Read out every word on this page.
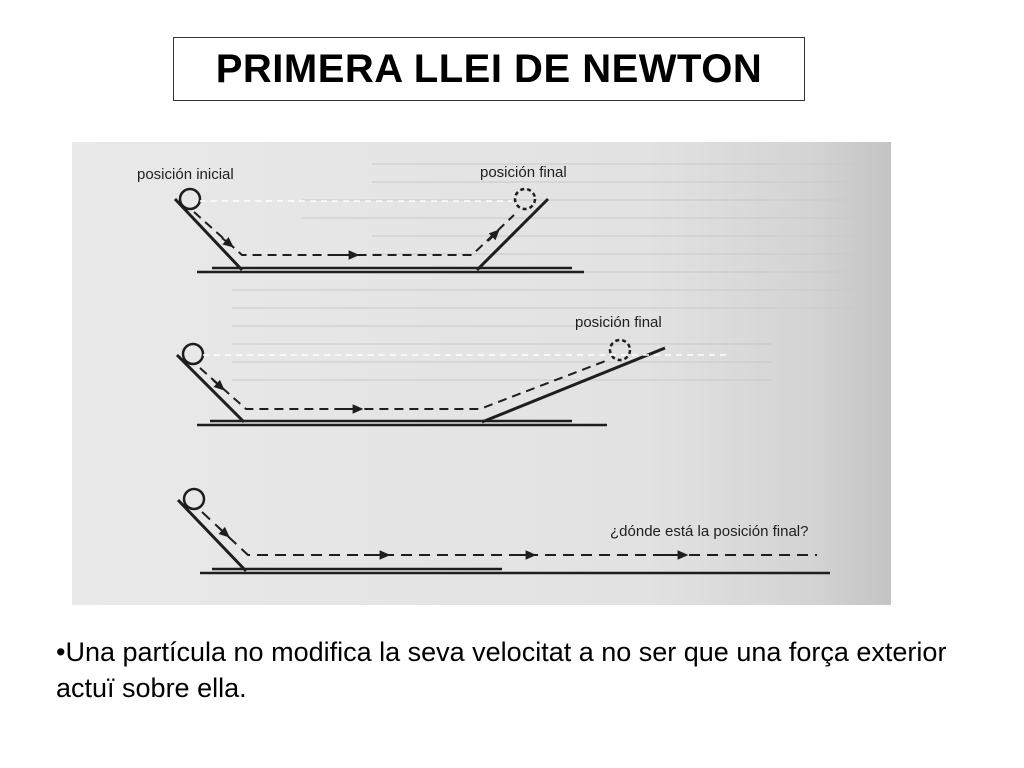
PRIMERA LLEI DE NEWTON
posición inicial	posición final
posición final
¿dónde está la posición final?
•Una partícula no modifica la seva velocitat a no ser que una força exterior actuï sobre ella.
